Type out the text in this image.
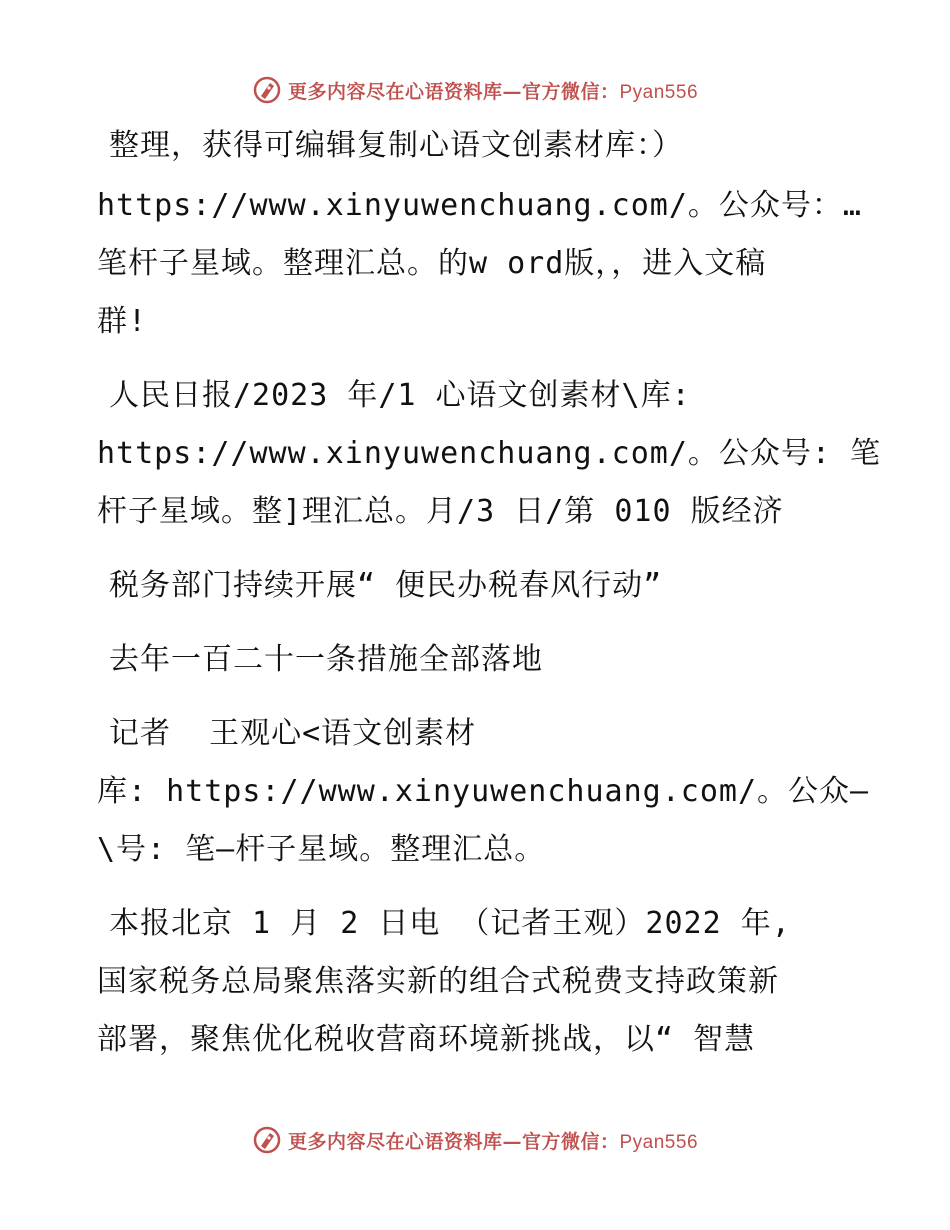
更多内容尽在心语资料库—官方微信：Pyan556
整理，获得可编辑复制心语文创素材库：）
https://www.xinyuwenchuang.com/。公众号：…
笔杆子星域。整理汇总。的w ord版，，进入文稿
群!
人民日报/2023 年/1 心语文创素材\库:
https://www.xinyuwenchuang.com/。公众号: 笔
杆子星域。整]理汇总。月/3 日/第 010 版经济
税务部门持续开展“ 便民办税春风行动”
去年一百二十一条措施全部落地
记者  王观心<语文创素材
库: https://www.xinyuwenchuang.com/。公众—
\号: 笔—杆子星域。整理汇总。
本报北京 1 月 2 日电 （记者王观）2022 年,
国家税务总局聚焦落实新的组合式税费支持政策新
部署，聚焦优化税收营商环境新挑战，以“ 智慧
更多内容尽在心语资料库—官方微信：Pyan556
